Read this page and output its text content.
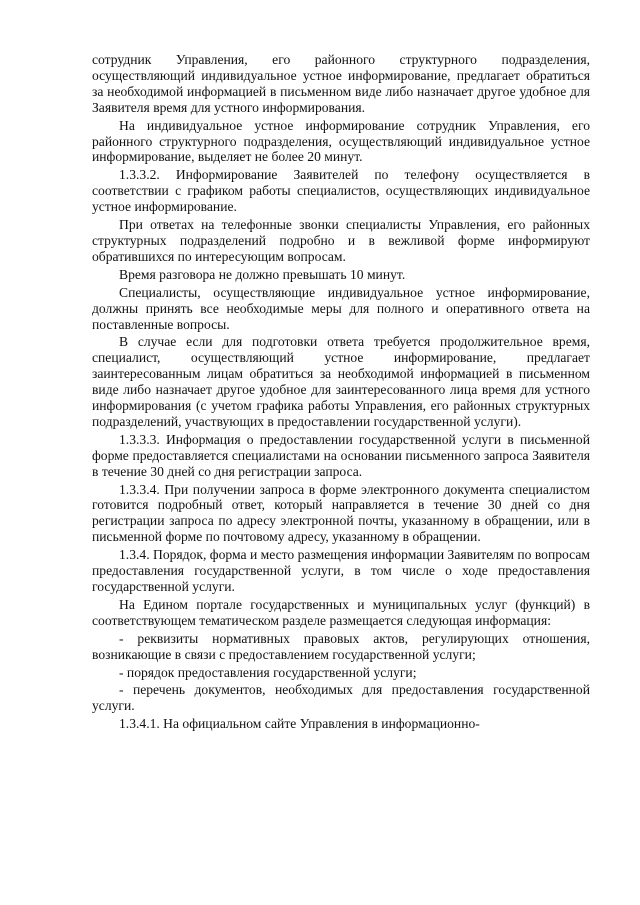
сотрудник Управления, его районного структурного подразделения, осуществляющий индивидуальное устное информирование, предлагает обратиться за необходимой информацией в письменном виде либо назначает другое удобное для Заявителя время для устного информирования.

На индивидуальное устное информирование сотрудник Управления, его районного структурного подразделения, осуществляющий индивидуальное устное информирование, выделяет не более 20 минут.

1.3.3.2. Информирование Заявителей по телефону осуществляется в соответствии с графиком работы специалистов, осуществляющих индивидуальное устное информирование.

При ответах на телефонные звонки специалисты Управления, его районных структурных подразделений подробно и в вежливой форме информируют обратившихся по интересующим вопросам.

Время разговора не должно превышать 10 минут.

Специалисты, осуществляющие индивидуальное устное информирование, должны принять все необходимые меры для полного и оперативного ответа на поставленные вопросы.

В случае если для подготовки ответа требуется продолжительное время, специалист, осуществляющий устное информирование, предлагает заинтересованным лицам обратиться за необходимой информацией в письменном виде либо назначает другое удобное для заинтересованного лица время для устного информирования (с учетом графика работы Управления, его районных структурных подразделений, участвующих в предоставлении государственной услуги).

1.3.3.3. Информация о предоставлении государственной услуги в письменной форме предоставляется специалистами на основании письменного запроса Заявителя в течение 30 дней со дня регистрации запроса.

1.3.3.4. При получении запроса в форме электронного документа специалистом готовится подробный ответ, который направляется в течение 30 дней со дня регистрации запроса по адресу электронной почты, указанному в обращении, или в письменной форме по почтовому адресу, указанному в обращении.

1.3.4. Порядок, форма и место размещения информации Заявителям по вопросам предоставления государственной услуги, в том числе о ходе предоставления государственной услуги.

На Едином портале государственных и муниципальных услуг (функций) в соответствующем тематическом разделе размещается следующая информация:

- реквизиты нормативных правовых актов, регулирующих отношения, возникающие в связи с предоставлением государственной услуги;

- порядок предоставления государственной услуги;

- перечень документов, необходимых для предоставления государственной услуги.

1.3.4.1. На официальном сайте Управления в информационно-
